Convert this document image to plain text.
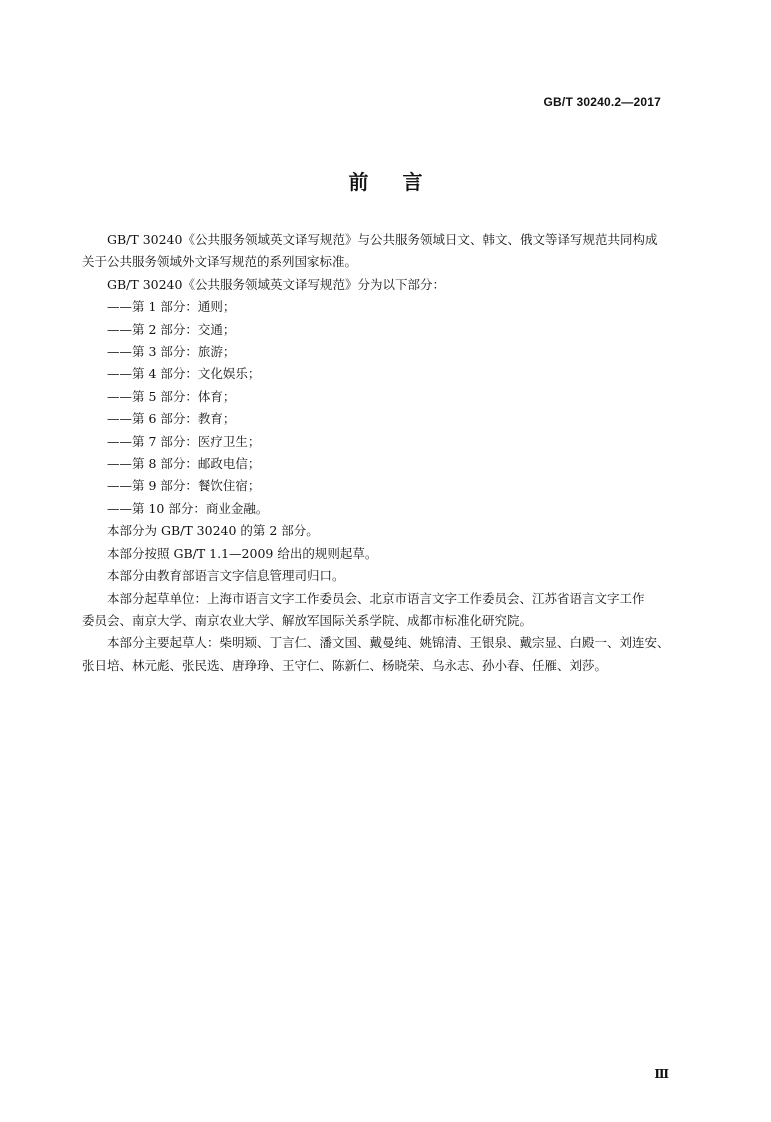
GB/T 30240.2—2017
前 言

GB/T 30240《公共服务领域英文译写规范》与公共服务领域日文、韩文、俄文等译写规范共同构成

关于公共服务领域外文译写规范的系列国家标准。

GB/T 30240《公共服务领域英文译写规范》分为以下部分：

——第 1 部分：通则；

——第 2 部分：交通；

——第 3 部分：旅游；

——第 4 部分：文化娱乐；

——第 5 部分：体育；

——第 6 部分：教育；

——第 7 部分：医疗卫生；

——第 8 部分：邮政电信；

——第 9 部分：餐饮住宿；

——第 10 部分：商业金融。

本部分为 GB/T 30240 的第 2 部分。

本部分按照 GB/T 1.1—2009 给出的规则起草。

本部分由教育部语言文字信息管理司归口。

本部分起草单位：上海市语言文字工作委员会、北京市语言文字工作委员会、江苏省语言文字工作

委员会、南京大学、南京农业大学、解放军国际关系学院、成都市标准化研究院。

本部分主要起草人：柴明颎、丁言仁、潘文国、戴曼纯、姚锦清、王银泉、戴宗显、白殿一、刘连安、

张日培、林元彪、张民选、唐琤琤、王守仁、陈新仁、杨晓荣、乌永志、孙小春、任雁、刘莎。

Ⅲ
